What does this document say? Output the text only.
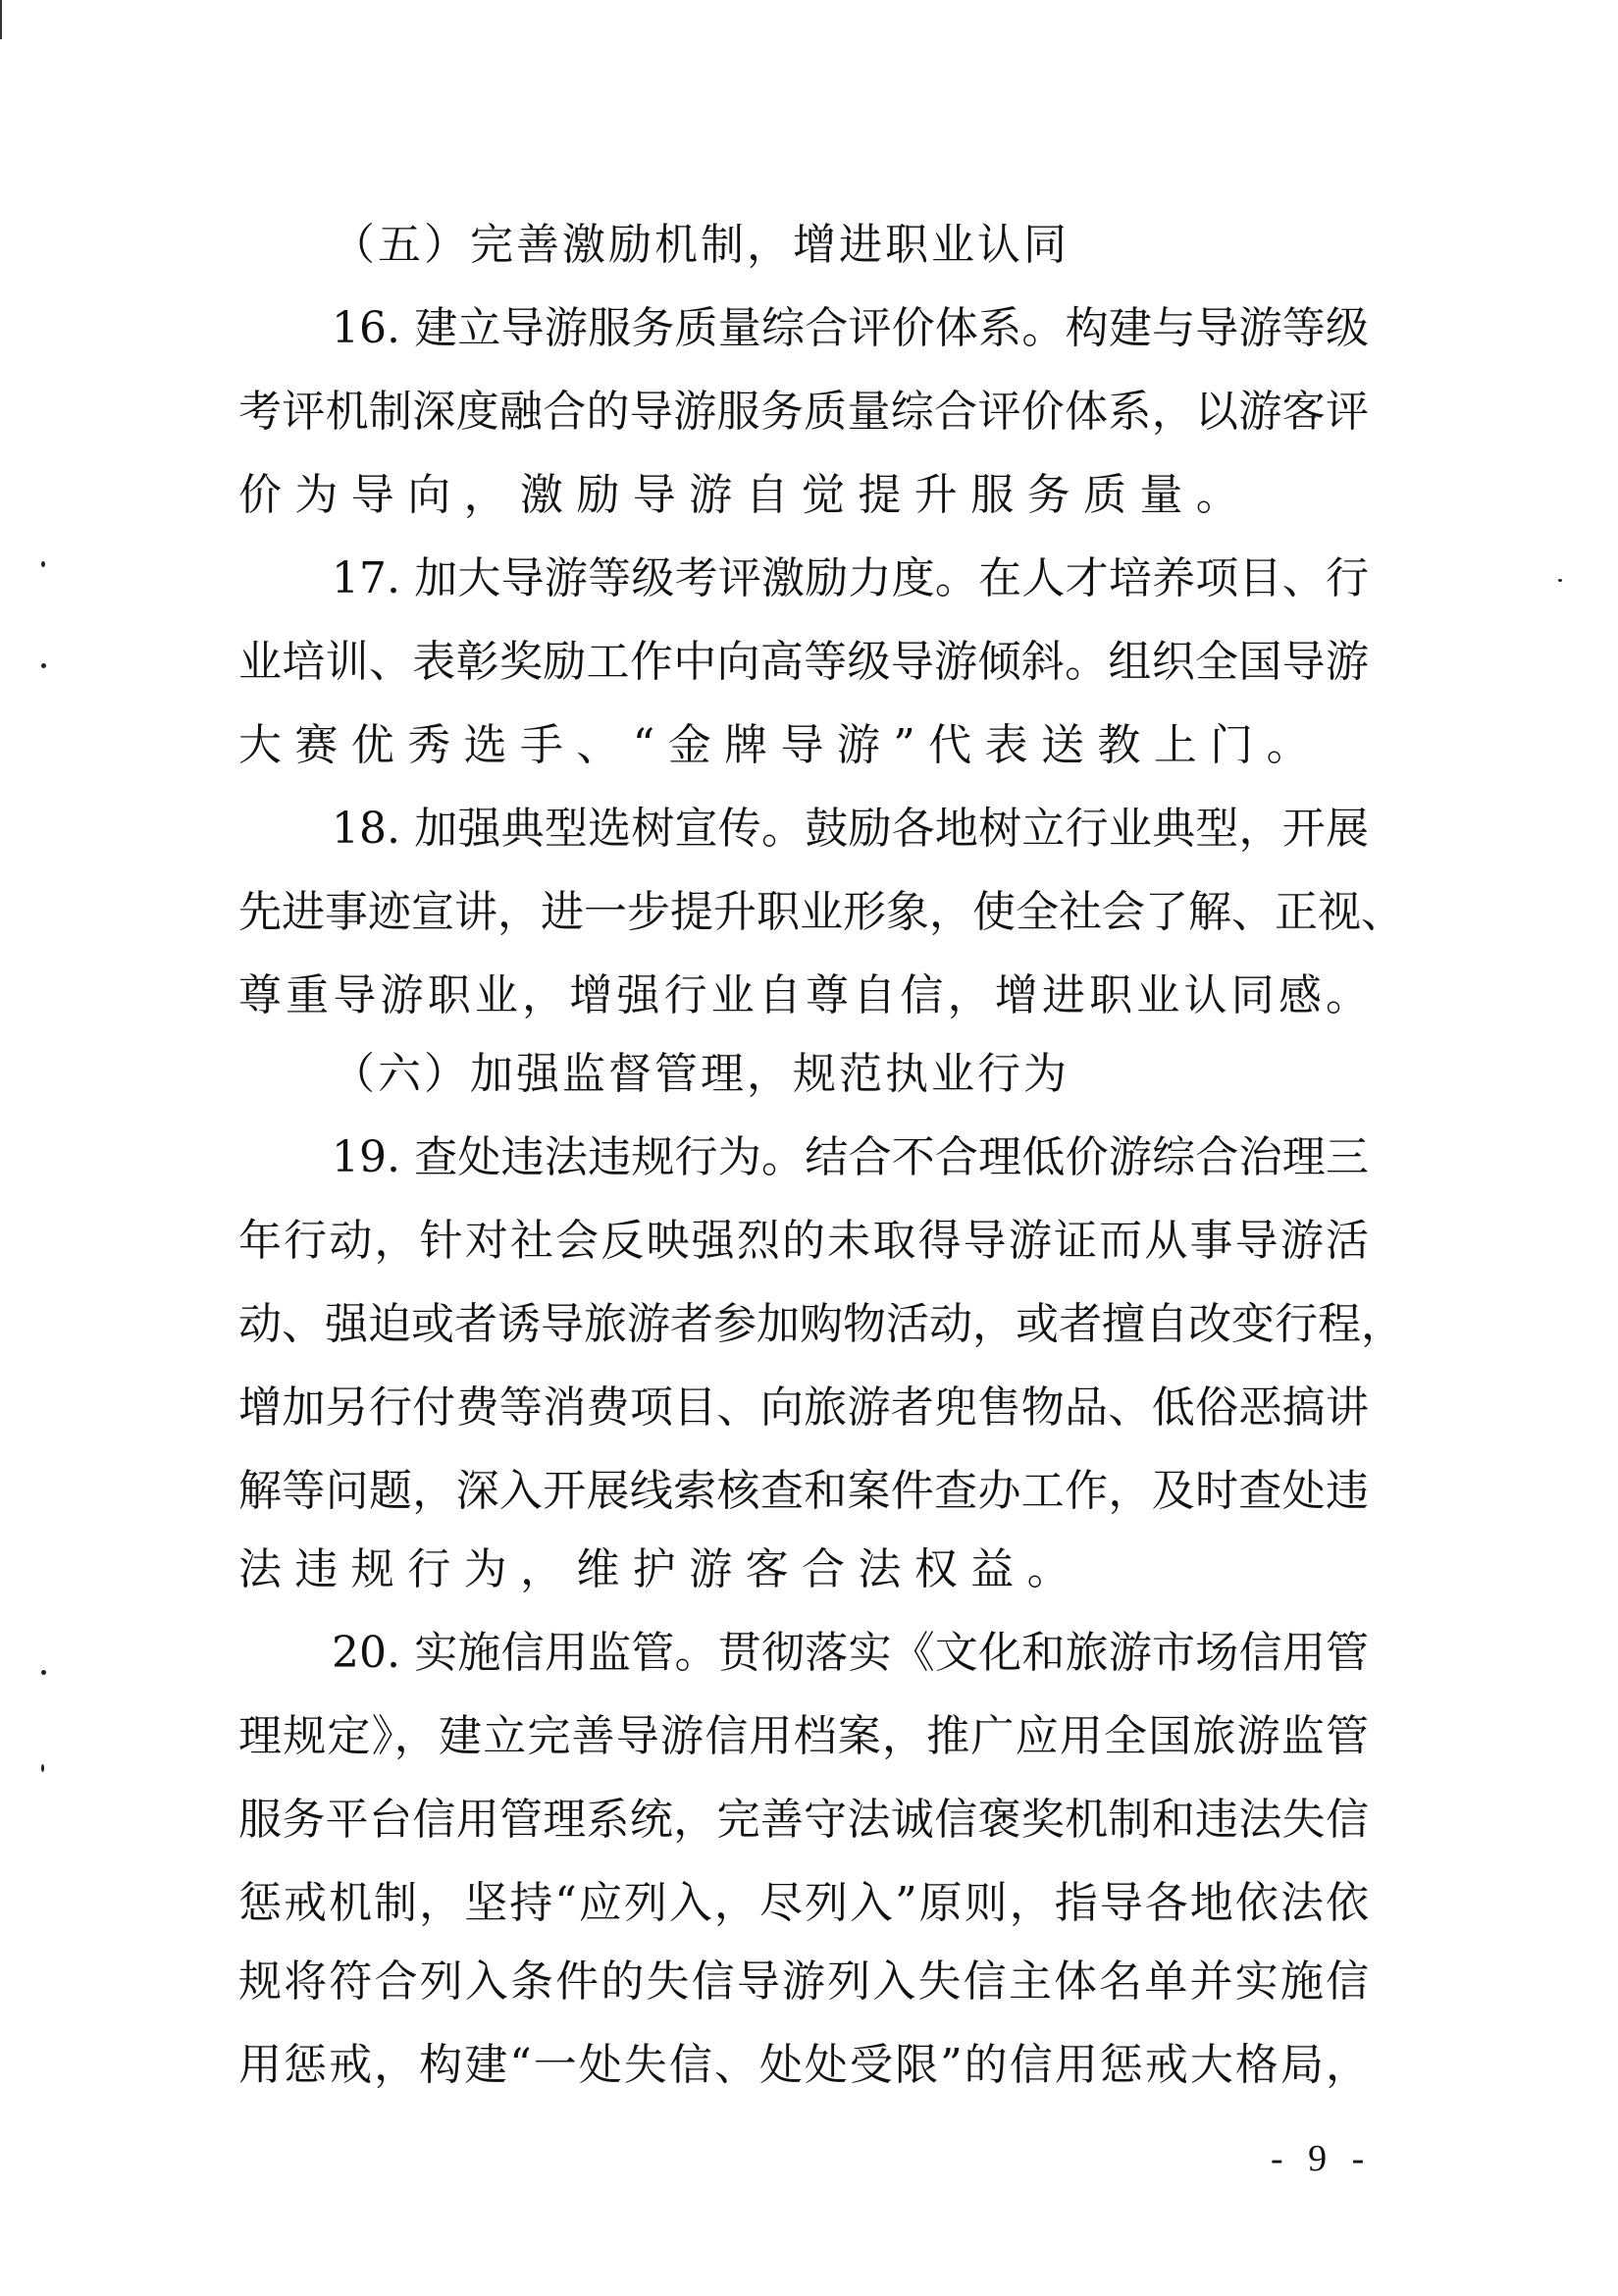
（五）完善激励机制，增进职业认同
16. 建立导游服务质量综合评价体系。构建与导游等级
考评机制深度融合的导游服务质量综合评价体系，以游客评
价为导向，激励导游自觉提升服务质量。
17. 加大导游等级考评激励力度。在人才培养项目、行
业培训、表彰奖励工作中向高等级导游倾斜。组织全国导游
大赛优秀选手、“金牌导游”代表送教上门。
18. 加强典型选树宣传。鼓励各地树立行业典型，开展
先进事迹宣讲，进一步提升职业形象，使全社会了解、正视、
尊重导游职业，增强行业自尊自信，增进职业认同感。
（六）加强监督管理，规范执业行为
19. 查处违法违规行为。结合不合理低价游综合治理三
年行动，针对社会反映强烈的未取得导游证而从事导游活
动、强迫或者诱导旅游者参加购物活动，或者擅自改变行程，
增加另行付费等消费项目、向旅游者兜售物品、低俗恶搞讲
解等问题，深入开展线索核查和案件查办工作，及时查处违
法违规行为，维护游客合法权益。
20. 实施信用监管。贯彻落实《文化和旅游市场信用管
理规定》，建立完善导游信用档案，推广应用全国旅游监管
服务平台信用管理系统，完善守法诚信褒奖机制和违法失信
惩戒机制，坚持“应列入，尽列入”原则，指导各地依法依
规将符合列入条件的失信导游列入失信主体名单并实施信
用惩戒，构建“一处失信、处处受限”的信用惩戒大格局，
- 9 -
